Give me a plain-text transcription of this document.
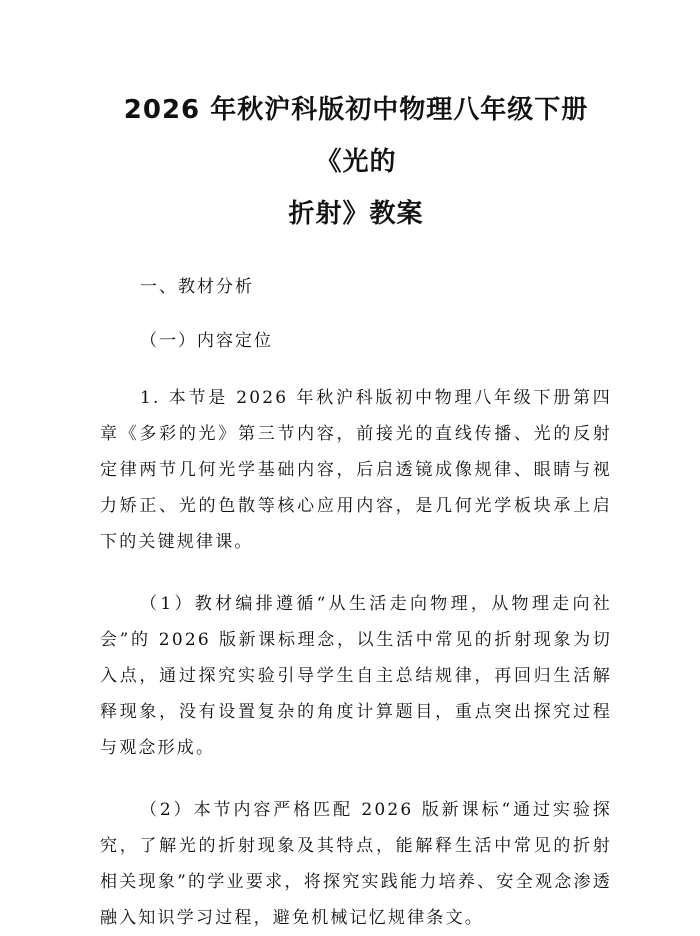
2026 年秋沪科版初中物理八年级下册《光的
折射》教案
一、教材分析
（一）内容定位

1. 本节是 2026 年秋沪科版初中物理八年级下册第四章《多彩的光》第三节内容，前接光的直线传播、光的反射定律两节几何光学基础内容，后启透镜成像规律、眼睛与视力矫正、光的色散等核心应用内容，是几何光学板块承上启下的关键规律课。

（1）教材编排遵循“从生活走向物理，从物理走向社会”的 2026 版新课标理念，以生活中常见的折射现象为切入点，通过探究实验引导学生自主总结规律，再回归生活解释现象，没有设置复杂的角度计算题目，重点突出探究过程与观念形成。

（2）本节内容严格匹配 2026 版新课标“通过实验探究，了解光的折射现象及其特点，能解释生活中常见的折射相关现象”的学业要求，将探究实践能力培养、安全观念渗透融入知识学习过程，避免机械记忆规律条文。
